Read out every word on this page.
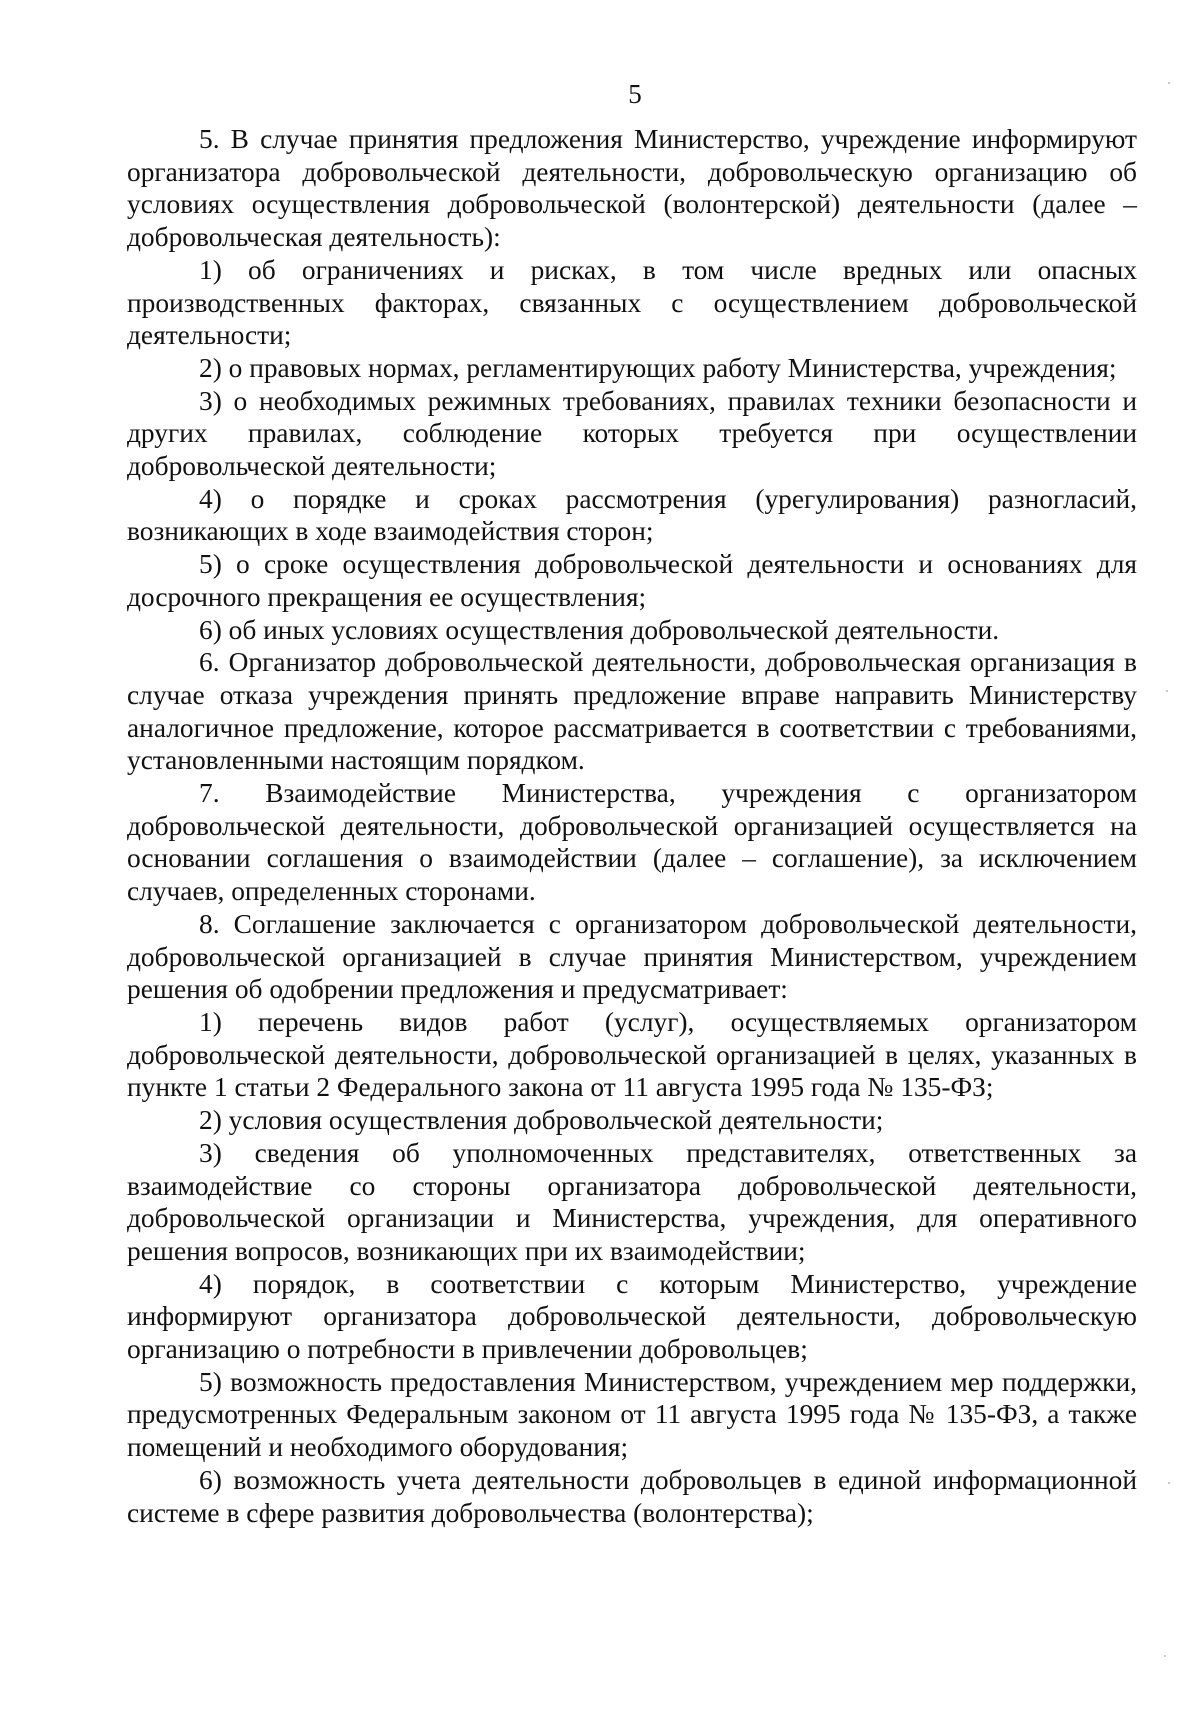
5

5. В случае принятия предложения Министерство, учреждение информируют организатора добровольческой деятельности, добровольческую организацию об условиях осуществления добровольческой (волонтерской) деятельности (далее – добровольческая деятельность):

1) об ограничениях и рисках, в том числе вредных или опасных производственных факторах, связанных с осуществлением добровольческой деятельности;

2) о правовых нормах, регламентирующих работу Министерства, учреждения;

3) о необходимых режимных требованиях, правилах техники безопасности и других правилах, соблюдение которых требуется при осуществлении добровольческой деятельности;

4) о порядке и сроках рассмотрения (урегулирования) разногласий, возникающих в ходе взаимодействия сторон;

5) о сроке осуществления добровольческой деятельности и основаниях для досрочного прекращения ее осуществления;

6) об иных условиях осуществления добровольческой деятельности.

6. Организатор добровольческой деятельности, добровольческая организация в случае отказа учреждения принять предложение вправе направить Министерству аналогичное предложение, которое рассматривается в соответствии с требованиями, установленными настоящим порядком.

7. Взаимодействие Министерства, учреждения с организатором добровольческой деятельности, добровольческой организацией осуществляется на основании соглашения о взаимодействии (далее – соглашение), за исключением случаев, определенных сторонами.

8. Соглашение заключается с организатором добровольческой деятельности, добровольческой организацией в случае принятия Министерством, учреждением решения об одобрении предложения и предусматривает:

1) перечень видов работ (услуг), осуществляемых организатором добровольческой деятельности, добровольческой организацией в целях, указанных в пункте 1 статьи 2 Федерального закона от 11 августа 1995 года № 135-ФЗ;

2) условия осуществления добровольческой деятельности;

3) сведения об уполномоченных представителях, ответственных за взаимодействие со стороны организатора добровольческой деятельности, добровольческой организации и Министерства, учреждения, для оперативного решения вопросов, возникающих при их взаимодействии;

4) порядок, в соответствии с которым Министерство, учреждение информируют организатора добровольческой деятельности, добровольческую организацию о потребности в привлечении добровольцев;

5) возможность предоставления Министерством, учреждением мер поддержки, предусмотренных Федеральным законом от 11 августа 1995 года № 135-ФЗ, а также помещений и необходимого оборудования;

6) возможность учета деятельности добровольцев в единой информационной системе в сфере развития добровольчества (волонтерства);
